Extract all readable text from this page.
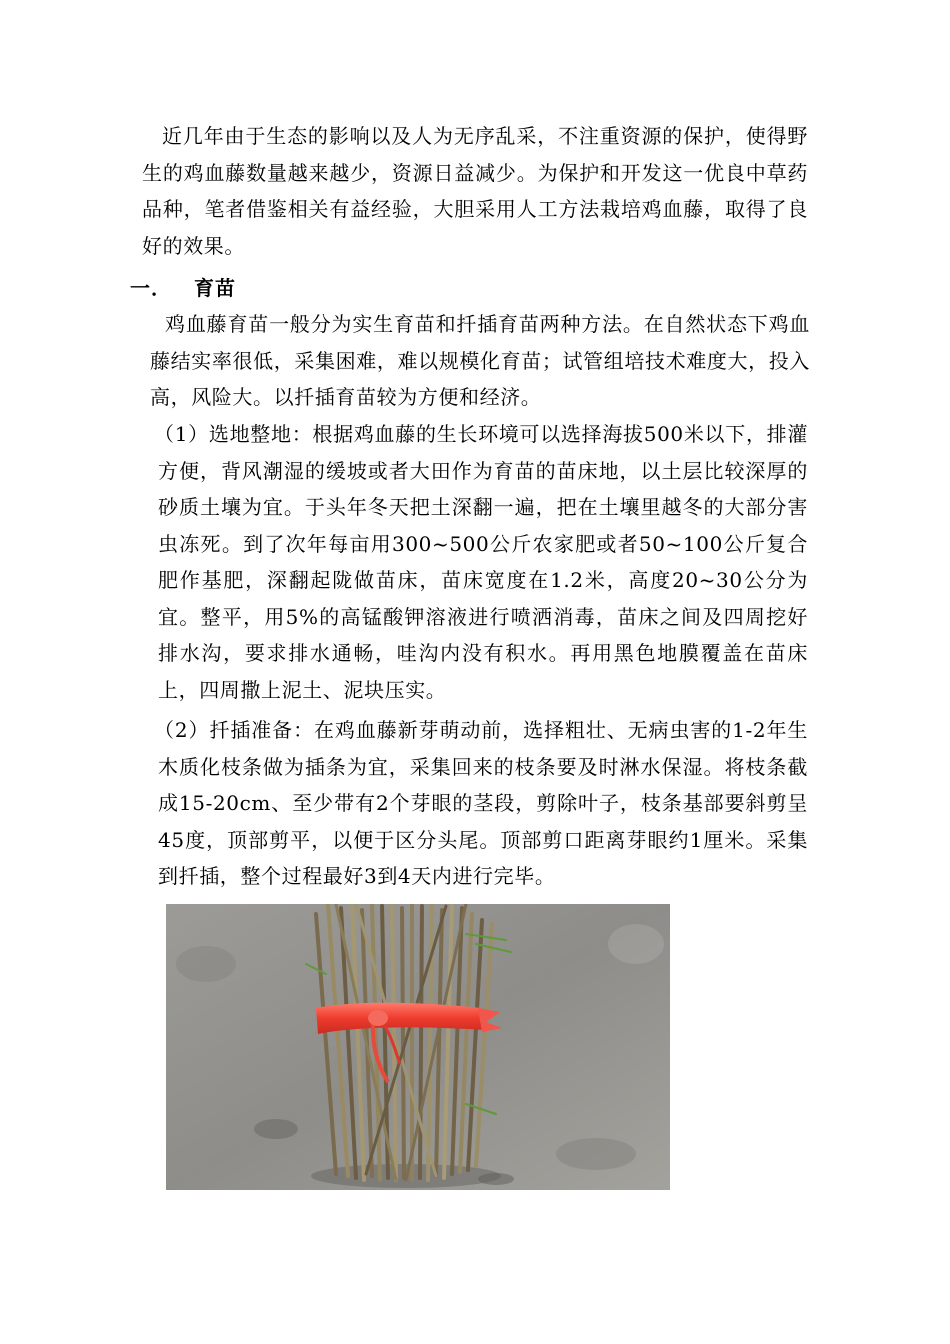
近几年由于生态的影响以及人为无序乱采，不注重资源的保护，使得野生的鸡血藤数量越来越少，资源日益减少。为保护和开发这一优良中草药品种，笔者借鉴相关有益经验，大胆采用人工方法栽培鸡血藤，取得了良好的效果。
一． 育苗
鸡血藤育苗一般分为实生育苗和扦插育苗两种方法。在自然状态下鸡血藤结实率很低，采集困难，难以规模化育苗；试管组培技术难度大，投入高，风险大。以扦插育苗较为方便和经济。
（1）选地整地：根据鸡血藤的生长环境可以选择海拔500米以下，排灌方便，背风潮湿的缓坡或者大田作为育苗的苗床地，以土层比较深厚的砂质土壤为宜。于头年冬天把土深翻一遍，把在土壤里越冬的大部分害虫冻死。到了次年每亩用300~500公斤农家肥或者50~100公斤复合肥作基肥，深翻起陇做苗床，苗床宽度在1.2米，高度20~30公分为宜。整平，用5%的高锰酸钾溶液进行喷洒消毒，苗床之间及四周挖好排水沟，要求排水通畅，哇沟内没有积水。再用黑色地膜覆盖在苗床上，四周撒上泥土、泥块压实。
（2）扦插准备：在鸡血藤新芽萌动前，选择粗壮、无病虫害的1-2年生木质化枝条做为插条为宜，采集回来的枝条要及时淋水保湿。将枝条截成15-20cm、至少带有2个芽眼的茎段，剪除叶子，枝条基部要斜剪呈45度，顶部剪平，以便于区分头尾。顶部剪口距离芽眼约1厘米。采集到扦插，整个过程最好3到4天内进行完毕。
